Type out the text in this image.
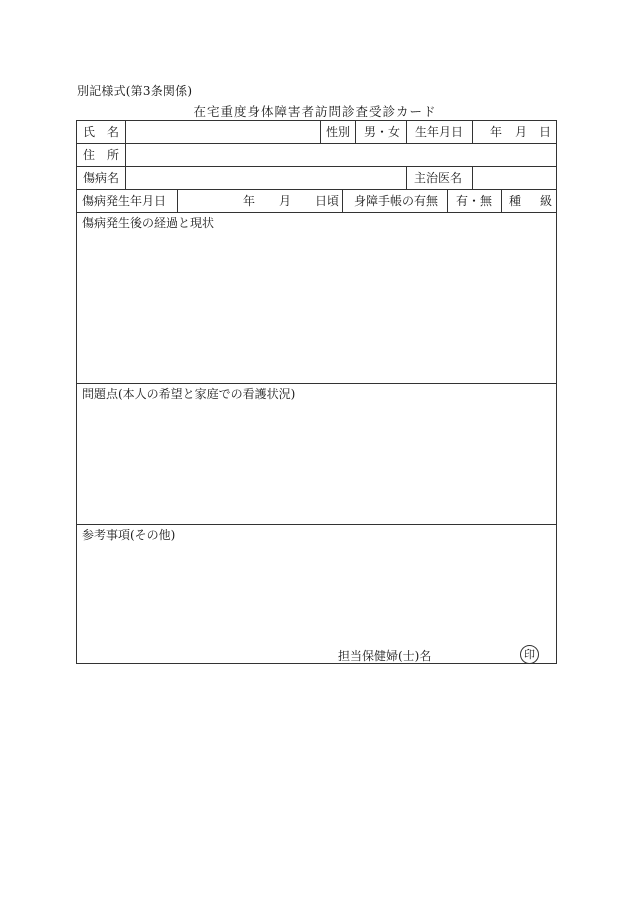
別記様式(第3条関係)
在宅重度身体障害者訪問診査受診カード
氏　名	性別 男・女 生年月日 年 月 日
住　所
傷病名	主治医名
傷病発生年月日	年 月 日頃 身障手帳の有無 有・無 種 級
傷病発生後の経過と現状
問題点(本人の希望と家庭での看護状況)
参考事項(その他)
担当保健婦(士)名	印
